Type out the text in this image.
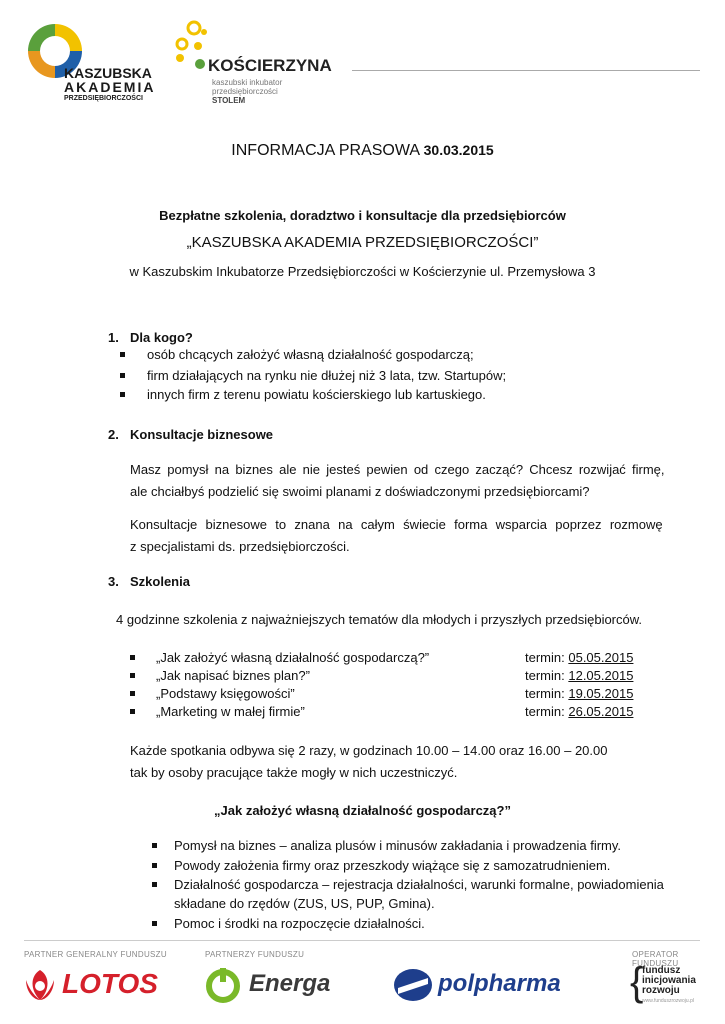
KASZUBSKA
AKADEMIA
PRZEDSIĘBIORCZOŚCI
KOŚCIERZYNA
kaszubski inkubator
przedsiębiorczości
STOLEM
INFORMACJA PRASOWA 30.03.2015
Bezpłatne szkolenia, doradztwo i konsultacje dla przedsiębiorców
„KASZUBSKA AKADEMIA PRZEDSIĘBIORCZOŚCI”
w Kaszubskim Inkubatorze Przedsiębiorczości w Kościerzynie ul. Przemysłowa 3
1. Dla kogo?
osób chcących założyć własną działalność gospodarczą;
firm działających na rynku nie dłużej niż 3 lata, tzw. Startupów;
innych firm z terenu powiatu kościerskiego lub kartuskiego.
2. Konsultacje biznesowe
Masz pomysł na biznes ale nie jesteś pewien od czego zacząć? Chcesz rozwijać firmę,
ale chciałbyś podzielić się swoimi planami z doświadczonymi przedsiębiorcami?
Konsultacje biznesowe to znana na całym świecie forma wsparcia poprzez rozmowę
z specjalistami ds. przedsiębiorczości.
3. Szkolenia
4 godzinne szkolenia z najważniejszych tematów dla młodych i przyszłych przedsiębiorców.
„Jak założyć własną działalność gospodarczą?”	termin: 05.05.2015
„Jak napisać biznes plan?”	termin: 12.05.2015
„Podstawy księgowości”	termin: 19.05.2015
„Marketing w małej firmie”	termin: 26.05.2015
Każde spotkania odbywa się 2 razy, w godzinach 10.00 – 14.00 oraz 16.00 – 20.00
tak by osoby pracujące także mogły w nich uczestniczyć.
„Jak założyć własną działalność gospodarczą?”
Pomysł na biznes – analiza plusów i minusów zakładania i prowadzenia firmy.
Powody założenia firmy oraz przeszkody wiążące się z samozatrudnieniem.
Działalność gospodarcza – rejestracja działalności, warunki formalne, powiadomienia
składane do rzędów (ZUS, US, PUP, Gmina).
Pomoc i środki na rozpoczęcie działalności.
PARTNER GENERALNY FUNDUSZU	PARTNERZY FUNDUSZU	OPERATOR FUNDUSZU
LOTOS	Energa	polpharma {
fundusz
inicjowania
rozwoju
www.funduszrozwoju.pl
